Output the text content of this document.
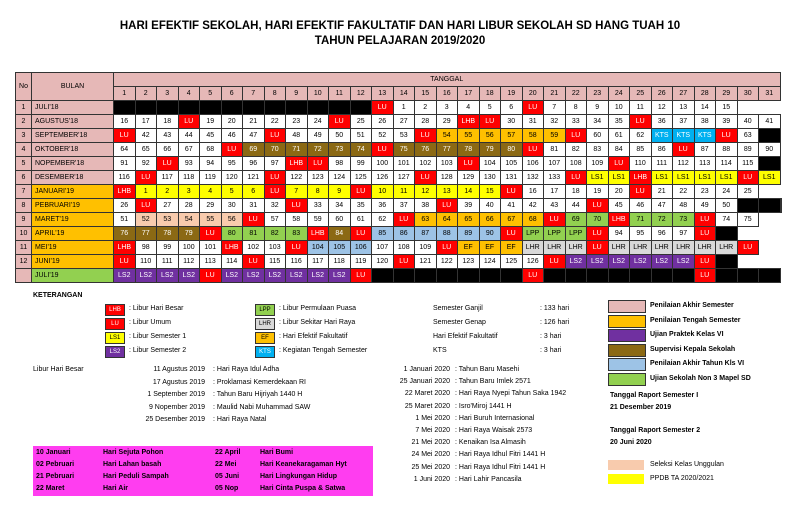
HARI EFEKTIF SEKOLAH, HARI EFEKTIF FAKULTATIF DAN HARI LIBUR SEKOLAH SD HANG TUAH 10
TAHUN PELAJARAN 2019/2020
No	BULAN	TANGGAL																															
		1	2	3	4	5	6	7	8	9	10	11	12	13	14	15	16	17	18	19	20	21	22	23	24	25	26	27	28	29	30	31	
1	JULI'18													LU	1	2	3	4	5	6	LU	7	8	9	10	11	12	13	14	15			
2	AGUSTUS'18	16	17	18	LU	19	20	21	22	23	24	LU	25	26	27	28	29	LHB	LU	30	31	32	33	34	35	LU	36	37	38	39	40	41	
3	SEPTEMBER'18	LU	42	43	44	45	46	47	LU	48	49	50	51	52	53	LU	54	55	56	57	58	59	LU	60	61	62	KTS	KTS	KTS	LU	63		
4	OKTOBER'18	64	65	66	67	68	LU	69	70	71	72	73	74	LU	75	76	77	78	79	80	LU	81	82	83	84	85	86	LU	87	88	89	90	
5	NOPEMBER'18	91	92	LU	93	94	95	96	97	LHB	LU	98	99	100	101	102	103	LU	104	105	106	107	108	109	LU	110	111	112	113	114	115		
6	DESEMBER'18	116	LU	117	118	119	120	121	LU	122	123	124	125	126	127	LU	128	129	130	131	132	133	LU	LS1	LS1	LHB	LS1	LS1	LS1	LS1	LU	LS1	
7	JANUARI'19	LHB	1	2	3	4	5	6	LU	7	8	9	LU	10	11	12	13	14	15	LU	16	17	18	19	20	LU	21	22	23	24	25		
8	PEBRUARI'19	26	LU	27	28	29	30	31	32	LU	33	34	35	36	37	38	LU	39	40	41	42	43	44	LU	45	46	47	48	49	50			
9	MARET'19	51	52	53	54	55	56	LU	57	58	59	60	61	62	LU	63	64	65	66	67	68	LU	69	70	LHB	71	72	73	LU	74	75		
10	APRIL'19	76	77	78	79	LU	80	81	82	83	LHB	84	LU	85	86	87	88	89	90	LU	LPP	LPP	LPP	LU	94	95	96	97	LU				
11	MEI'19	LHB	98	99	100	101	LHB	102	103	LU	104	105	106	107	108	109	LU	EF	EF	EF	LHR	LHR	LHR	LU	LHR	LHR	LHR	LHR	LHR	LHR	LU		
12	JUNI'19	LU	110	111	112	113	114	LU	115	116	117	118	119	120	LU	121	122	123	124	125	126	LU	LS2	LS2	LS2	LS2	LS2	LS2	LU				
	JULI'19	LS2	LS2	LS2	LS2	LU	LS2	LS2	LS2	LS2	LS2	LS2	LU								LU								LU				
KETERANGAN
LHB	: Libur Hari Besar
LU	: Libur Umum
LS1	: Libur Semester 1
LS2	: Libur Semester 2
LPP	: Libur Permulaan Puasa
LHR	: Libur Sekitar Hari Raya
EF	: Hari Efektif Fakultatif
KTS	: Kegiatan Tengah Semester
Semester Ganjil	: 133 hari
Semester Genap	: 126 hari
Hari Efektif Fakultatif	: 3 hari
KTS	: 3 hari
Penilaian Akhir Semester
Penilaian Tengah Semester
Ujian Praktek Kelas VI
Supervisi Kepala Sekolah
Penilaian Akhir Tahun Kls VI
Ujian Sekolah Non 3 Mapel SD
Tanggal Raport Semester I
21 Desember 2019
Tanggal Raport Semester 2
20 Juni 2020
Libur Hari Besar	11 Agustus 2019 : Hari Raya Idul Adha
17 Agustus 2019 : Proklamasi Kemerdekaan RI
1 September 2019 : Tahun Baru Hijriyah 1440 H
9 Nopember 2019 : Maulid Nabi Muhammad SAW
25 Desember 2019 : Hari Raya Natal
1 Januari 2020 : Tahun Baru Masehi
25 Januari 2020 : Tahun Baru Imlek 2571
22 Maret 2020 : Hari Raya Nyepi Tahun Saka 1942
25 Maret 2020 : Isro'Miroj 1441 H
1 Mei 2020 : Hari Buruh Internasional
7 Mei 2020 : Hari Raya Waisak 2573
21 Mei 2020 : Kenaikan Isa Almasih
24 Mei 2020 : Hari Raya Idhul Fitri 1441 H
25 Mei 2020 : Hari Raya Idhul Fitri 1441 H
1 Juni 2020 : Hari Lahir Pancasila
10 Januari	Hari Sejuta Pohon	22 April	Hari Bumi
02 Pebruari	Hari Lahan basah	22 Mei	Hari Keanekaragaman Hyt
21 Pebruari	Hari Peduli Sampah	05 Juni	Hari Lingkungan Hidup
22 Maret	Hari Air	05 Nop	Hari Cinta Puspa & Satwa
Seleksi Kelas Unggulan
PPDB TA 2020/2021
